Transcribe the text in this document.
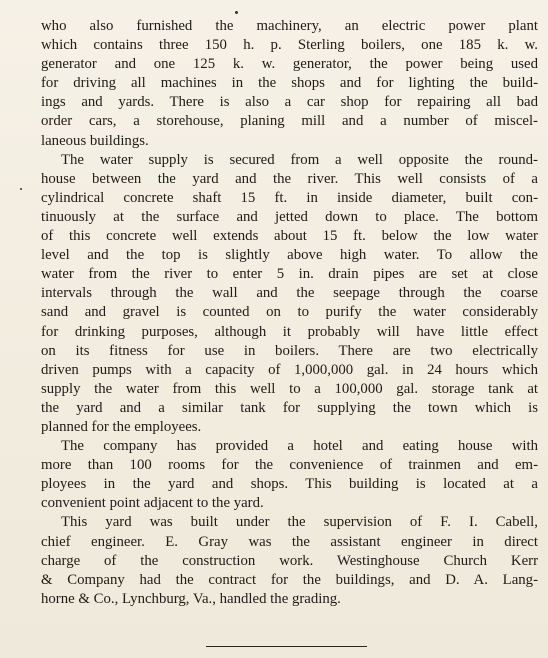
who also furnished the machinery, an electric power plant
which contains three 150 h. p. Sterling boilers, one 185 k. w.
generator and one 125 k. w. generator, the power being used
for driving all machines in the shops and for lighting the build-
ings and yards. There is also a car shop for repairing all bad
order cars, a storehouse, planing mill and a number of miscel-
laneous buildings.
The water supply is secured from a well opposite the round-
house between the yard and the river. This well consists of a
cylindrical concrete shaft 15 ft. in inside diameter, built con-
tinuously at the surface and jetted down to place. The bottom
of this concrete well extends about 15 ft. below the low water
level and the top is slightly above high water. To allow the
water from the river to enter 5 in. drain pipes are set at close
intervals through the wall and the seepage through the coarse
sand and gravel is counted on to purify the water considerably
for drinking purposes, although it probably will have little effect
on its fitness for use in boilers. There are two electrically
driven pumps with a capacity of 1,000,000 gal. in 24 hours which
supply the water from this well to a 100,000 gal. storage tank at
the yard and a similar tank for supplying the town which is
planned for the employees.
The company has provided a hotel and eating house with
more than 100 rooms for the convenience of trainmen and em-
ployees in the yard and shops. This building is located at a
convenient point adjacent to the yard.
This yard was built under the supervision of F. I. Cabell,
chief engineer. E. Gray was the assistant engineer in direct
charge of the construction work. Westinghouse Church Kerr
& Company had the contract for the buildings, and D. A. Lang-
horne & Co., Lynchburg, Va., handled the grading.
